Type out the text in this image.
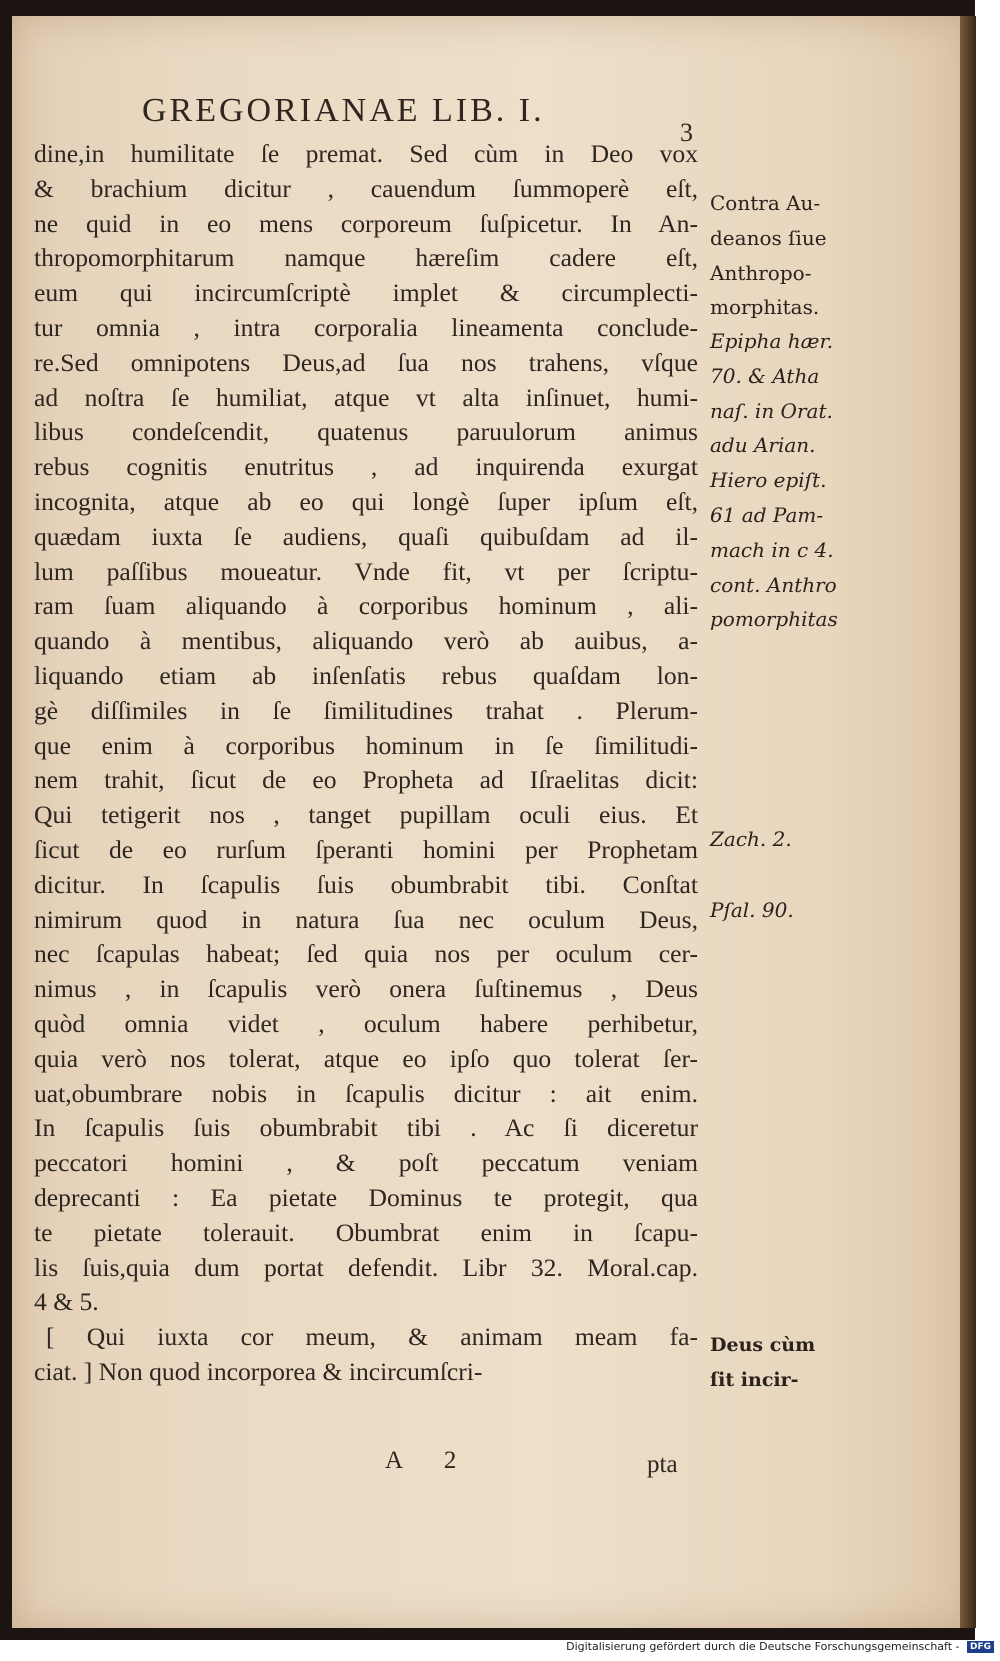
GREGORIANAE LIB. I.
3
dine,in humilitate ſe premat. Sed cùm in Deo vox
& brachium dicitur , cauendum ſummoperè eſt,
ne quid in eo mens corporeum ſuſpicetur. In An-
thropomorphitarum namque hæreſim cadere eſt,
eum qui incircumſcriptè implet & circumplecti-
tur omnia , intra corporalia lineamenta conclude-
re.Sed omnipotens Deus,ad ſua nos trahens, vſque
ad noſtra ſe humiliat, atque vt alta inſinuet, humi-
libus condeſcendit, quatenus paruulorum animus
rebus cognitis enutritus , ad inquirenda exurgat
incognita, atque ab eo qui longè ſuper ipſum eſt,
quædam iuxta ſe audiens, quaſi quibuſdam ad il-
lum paſſibus moueatur. Vnde fit, vt per ſcriptu-
ram ſuam aliquando à corporibus hominum , ali-
quando à mentibus, aliquando verò ab auibus, a-
liquando etiam ab inſenſatis rebus quaſdam lon-
gè diſſimiles in ſe ſimilitudines trahat . Plerum-
que enim à corporibus hominum in ſe ſimilitudi-
nem trahit, ſicut de eo Propheta ad Iſraelitas dicit:
Qui tetigerit nos , tanget pupillam oculi eius. Et
ſicut de eo rurſum ſperanti homini per Prophetam
dicitur. In ſcapulis ſuis obumbrabit tibi. Conſtat
nimirum quod in natura ſua nec oculum Deus,
nec ſcapulas habeat; ſed quia nos per oculum cer-
nimus , in ſcapulis verò onera ſuſtinemus , Deus
quòd omnia videt , oculum habere perhibetur,
quia verò nos tolerat, atque eo ipſo quo tolerat ſer-
uat,obumbrare nobis in ſcapulis dicitur : ait enim.
In ſcapulis ſuis obumbrabit tibi . Ac ſi diceretur
peccatori homini , & poſt peccatum veniam
deprecanti : Ea pietate Dominus te protegit, qua
te pietate tolerauit. Obumbrat enim in ſcapu-
lis ſuis,quia dum portat defendit. Libr 32. Moral.cap.
4 & 5.
[ Qui iuxta cor meum, & animam meam fa-
ciat. ] Non quod incorporea & incircumſcri-
Contra Au-
deanos ſiue
Anthropo-
morphitas.
Epipha hær.
70. & Atha
naſ. in Orat.
adu Arian.
Hiero epiſt.
61 ad Pam-
mach in c 4.
cont. Anthro
pomorphitas
Zach. 2.
Pſal. 90.
Deus cùm
ſit incir-
A 2	pta
Digitalisierung gefördert durch die Deutsche Forschungsgemeinschaft - DFG
